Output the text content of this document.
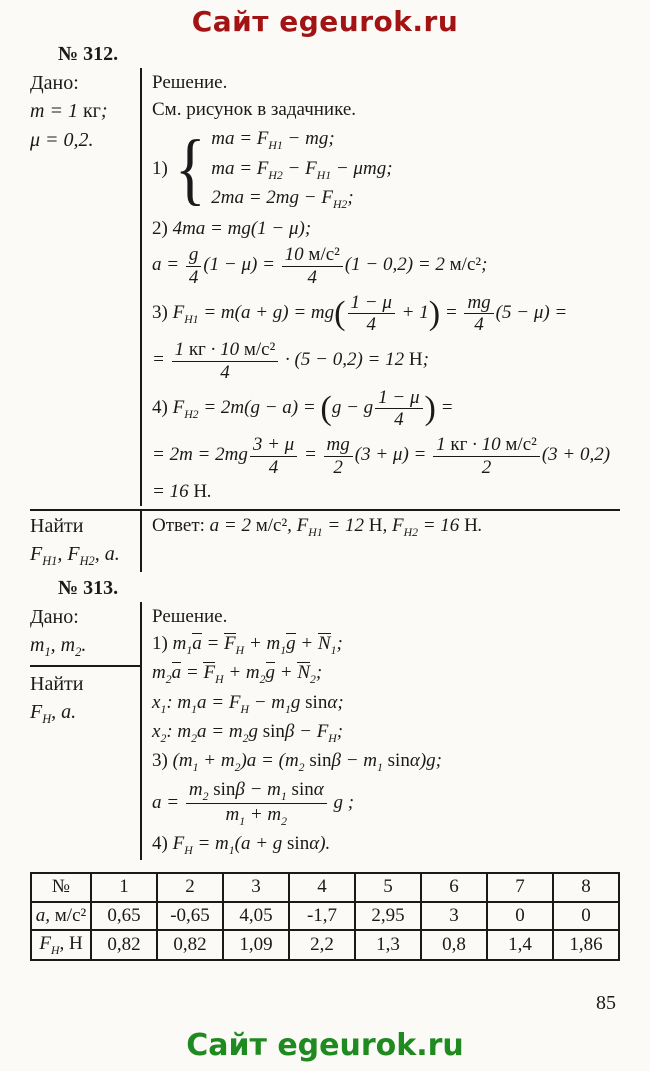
Сайт egeurok.ru
№ 312.
Дано:
m = 1 кг;
μ = 0,2.
Решение.
См. рисунок в задачнике.
1) { ma = $F_{Н1}$ − mg;
ma = $F_{Н2} - F_{Н1} - \mu mg$;
$2ma = 2mg - F_{Н2}$;
2) 4ma = mg(1 − μ);
$a = \frac{g}{4} (1 - \mu) = \frac{\text{10 м/с²}}{4} (1 - 0,2) = 2$ м/с²;
3) $F_{Н1} = m(a + g) = mg( \frac{1 - \mu}{4} + 1) = \frac{mg}{4} (5 - \mu)$ =
= $\frac{\text{1 кг · 10 м/с²}}{4} \cdot (5 - 0,2) = 12$ Н;
4) $F_{Н2} = 2m(g - a) = (g - g \frac{1 - \mu}{4}$ ) =
= $2m = 2mg \frac{3 + \mu}{4} = \frac{mg}{2} (3 + \mu) = \frac{\text{1 кг · 10 м/с²}}{2} (3 + 0,2) = 16$ Н.
Найти
$F_{Н1}$, $F_{Н2}$, a.
Ответ: a = 2 м/с², $F_{Н1} = 12$ Н, $F_{Н2} = 16$ Н.
№ 313.
Дано:
$m_1$, $m_2$.
Найти
$F_Н$, a.
Решение.
1) $m_1a = F_Н + m_1g + N_1$;
$m_2a = F_Н + m_2g + N_2$;
$x_1$: $m_1a = F_Н - m_1g$ sinα;
$x_2$: $m_2a = m_2g$ $\sin\beta - F_Н$;
3) $(m_1 + m_2)a = (m_2$ $\sin\beta - m_1$ sinα)g;
$a = \frac{m_2 \sin\beta - m_1 \sin\alpha}{m_1 + m_2}$ g ;
4) $F_Н = m_1(a + g$ sinα).
№	1	2	3	4	5	6	7	8
a, м/с²	0,65	-0,65	4,05	-1,7	2,95	3	0	0
$F_Н$, Н	0,82	0,82	1,09	2,2	1,3	0,8	1,4	1,86
85
Сайт egeurok.ru
